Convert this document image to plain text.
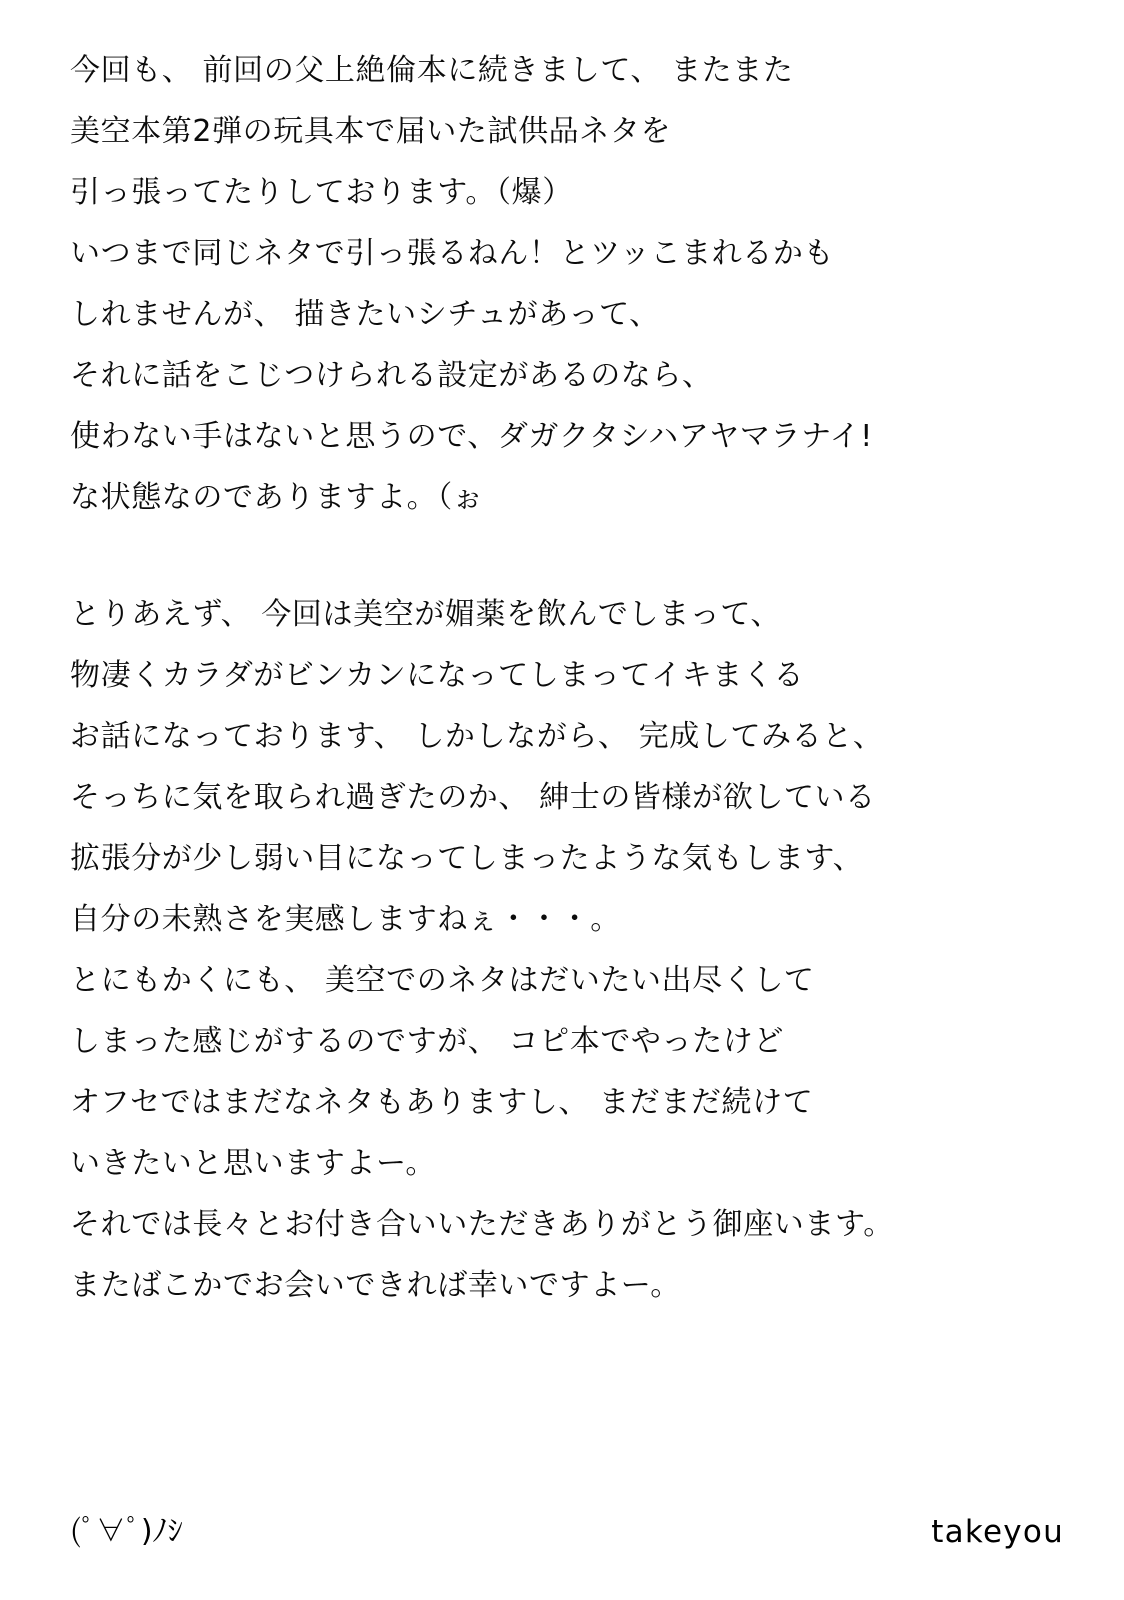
今回も、 前回の父上絶倫本に続きまして、 またまた
美空本第2弾の玩具本で届いた試供品ネタを
引っ張ってたりしております。（爆）
いつまで同じネタで引っ張るねん！とツッこまれるかも
しれませんが、 描きたいシチュがあって、
それに話をこじつけられる設定があるのなら、
使わない手はないと思うので、ダガクタシハアヤマラナイ!
な状態なのでありますよ。（ぉ
とりあえず、 今回は美空が媚薬を飲んでしまって、
物凄くカラダがビンカンになってしまってイキまくる
お話になっております、 しかしながら、 完成してみると、
そっちに気を取られ過ぎたのか、 紳士の皆様が欲している
拡張分が少し弱い目になってしまったような気もします、
自分の未熟さを実感しますねぇ・・・。
とにもかくにも、 美空でのネタはだいたい出尽くして
しまった感じがするのですが、 コピ本でやったけど
オフセではまだなネタもありますし、 まだまだ続けて
いきたいと思いますよー。
それでは長々とお付き合いいただきありがとう御座います。
またばこかでお会いできれば幸いですよー。
(ﾟ∀ﾟ)ﾉｼ	takeyou
